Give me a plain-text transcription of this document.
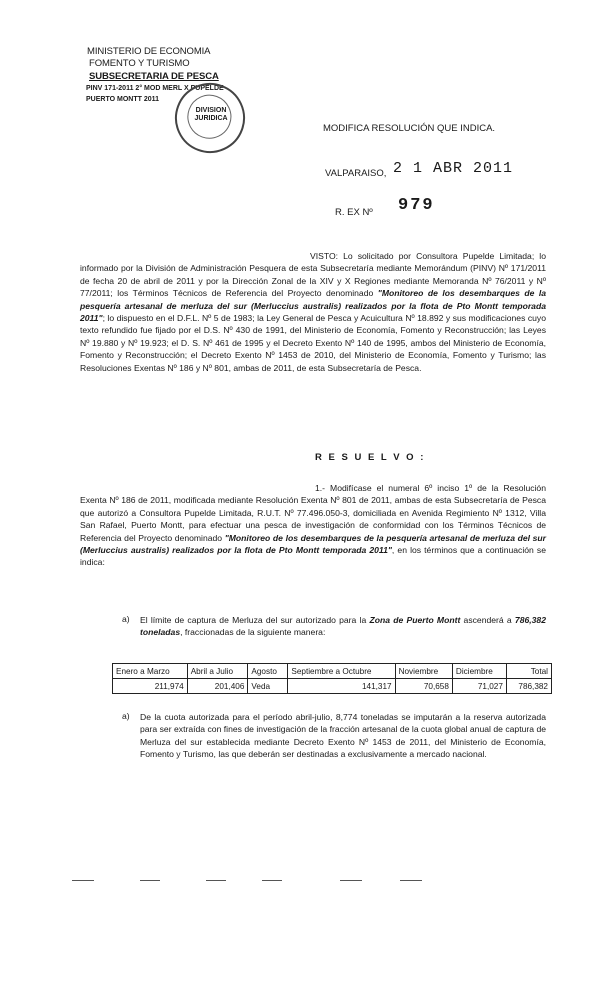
MINISTERIO DE ECONOMIA
FOMENTO Y TURISMO
SUBSECRETARIA DE PESCA
PINV 171-2011 2° MOD MERL X PUPELDE
PUERTO MONTT 2011
DIVISION JURIDICA
MODIFICA RESOLUCIÓN QUE INDICA.
VALPARAISO, 2 1 ABR 2011
R. EX Nº 979
VISTO: Lo solicitado por Consultora Pupelde Limitada; lo informado por la División de Administración Pesquera de esta Subsecretaría mediante Memorándum (PINV) Nº 171/2011 de fecha 20 de abril de 2011 y por la Dirección Zonal de la XIV y X Regiones mediante Memoranda Nº 76/2011 y Nº 77/2011; los Términos Técnicos de Referencia del Proyecto denominado "Monitoreo de los desembarques de la pesquería artesanal de merluza del sur (Merluccius australis) realizados por la flota de Pto Montt temporada 2011"; lo dispuesto en el D.F.L. Nº 5 de 1983; la Ley General de Pesca y Acuicultura Nº 18.892 y sus modificaciones cuyo texto refundido fue fijado por el D.S. Nº 430 de 1991, del Ministerio de Economía, Fomento y Reconstrucción; las Leyes Nº 19.880 y Nº 19.923; el D. S. Nº 461 de 1995 y el Decreto Exento Nº 140 de 1995, ambos del Ministerio de Economía, Fomento y Reconstrucción; el Decreto Exento Nº 1453 de 2010, del Ministerio de Economía, Fomento y Turismo; las Resoluciones Exentas Nº 186 y Nº 801, ambas de 2011, de esta Subsecretaría de Pesca.
R E S U E L V O :
1.- Modifícase el numeral 6º inciso 1º de la Resolución Exenta Nº 186 de 2011, modificada mediante Resolución Exenta Nº 801 de 2011, ambas de esta Subsecretaría de Pesca que autorizó a Consultora Pupelde Limitada, R.U.T. Nº 77.496.050-3, domiciliada en Avenida Regimiento Nº 1312, Villa San Rafael, Puerto Montt, para efectuar una pesca de investigación de conformidad con los Términos Técnicos de Referencia del Proyecto denominado "Monitoreo de los desembarques de la pesquería artesanal de merluza del sur (Merluccius australis) realizados por la flota de Pto Montt temporada 2011", en los términos que a continuación se indica:
a) El límite de captura de Merluza del sur autorizado para la Zona de Puerto Montt ascenderá a 786,382 toneladas, fraccionadas de la siguiente manera:
Enero a Marzo	Abril a Julio	Agosto	Septiembre a Octubre	Noviembre	Diciembre	Total
211,974	201,406	Veda	141,317	70,658	71,027	786,382
a) De la cuota autorizada para el período abril-julio, 8,774 toneladas se imputarán a la reserva autorizada para ser extraída con fines de investigación de la fracción artesanal de la cuota global anual de captura de Merluza del sur establecida mediante Decreto Exento Nº 1453 de 2011, del Ministerio de Economía, Fomento y Turismo, las que deberán ser destinadas a exclusivamente a mercado nacional.
